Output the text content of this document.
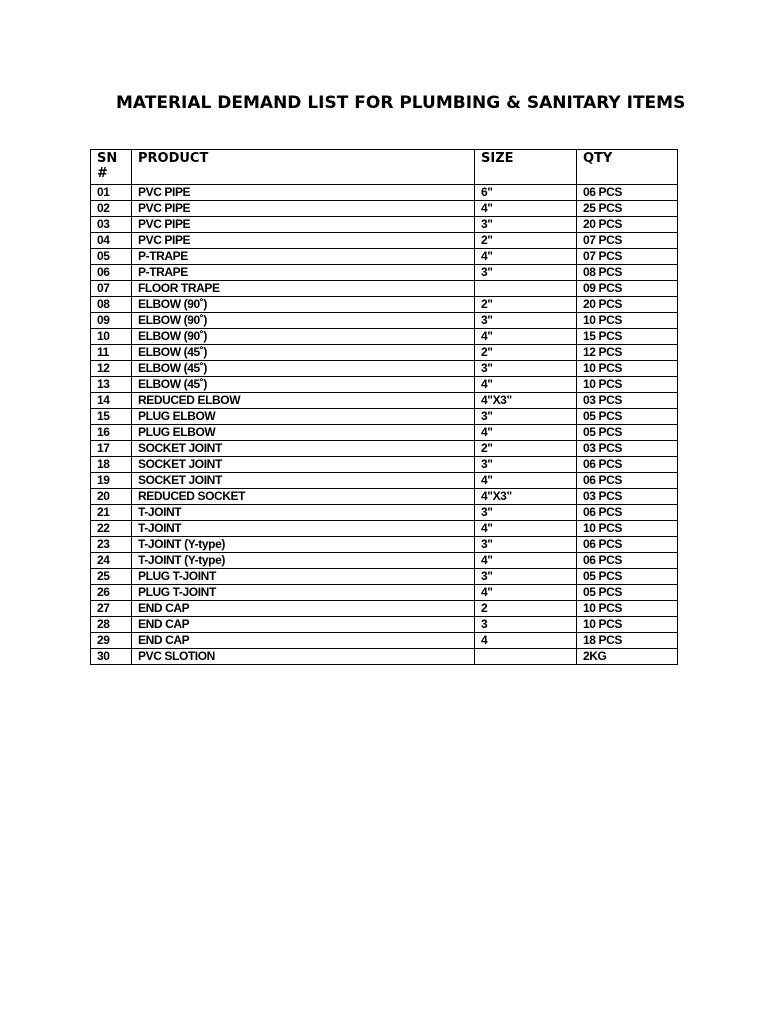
MATERIAL DEMAND LIST FOR PLUMBING & SANITARY ITEMS
SN #	PRODUCT	SIZE	QTY
01	PVC PIPE	6"	06 PCS
02	PVC PIPE	4"	25 PCS
03	PVC PIPE	3"	20 PCS
04	PVC PIPE	2"	07 PCS
05	P-TRAPE	4"	07 PCS
06	P-TRAPE	3"	08 PCS
07	FLOOR TRAPE		09 PCS
08	ELBOW (90˚)	2"	20 PCS
09	ELBOW (90˚)	3"	10 PCS
10	ELBOW (90˚)	4"	15 PCS
11	ELBOW (45˚)	2"	12 PCS
12	ELBOW (45˚)	3"	10 PCS
13	ELBOW (45˚)	4"	10 PCS
14	REDUCED ELBOW	4"X3"	03 PCS
15	PLUG ELBOW	3"	05 PCS
16	PLUG ELBOW	4"	05 PCS
17	SOCKET JOINT	2"	03 PCS
18	SOCKET JOINT	3"	06 PCS
19	SOCKET JOINT	4"	06 PCS
20	REDUCED SOCKET	4"X3"	03 PCS
21	T-JOINT	3"	06 PCS
22	T-JOINT	4"	10 PCS
23	T-JOINT (Y-type)	3"	06 PCS
24	T-JOINT (Y-type)	4"	06 PCS
25	PLUG T-JOINT	3"	05 PCS
26	PLUG T-JOINT	4"	05 PCS
27	END CAP	2	10 PCS
28	END CAP	3	10 PCS
29	END CAP	4	18 PCS
30	PVC SLOTION		2KG
